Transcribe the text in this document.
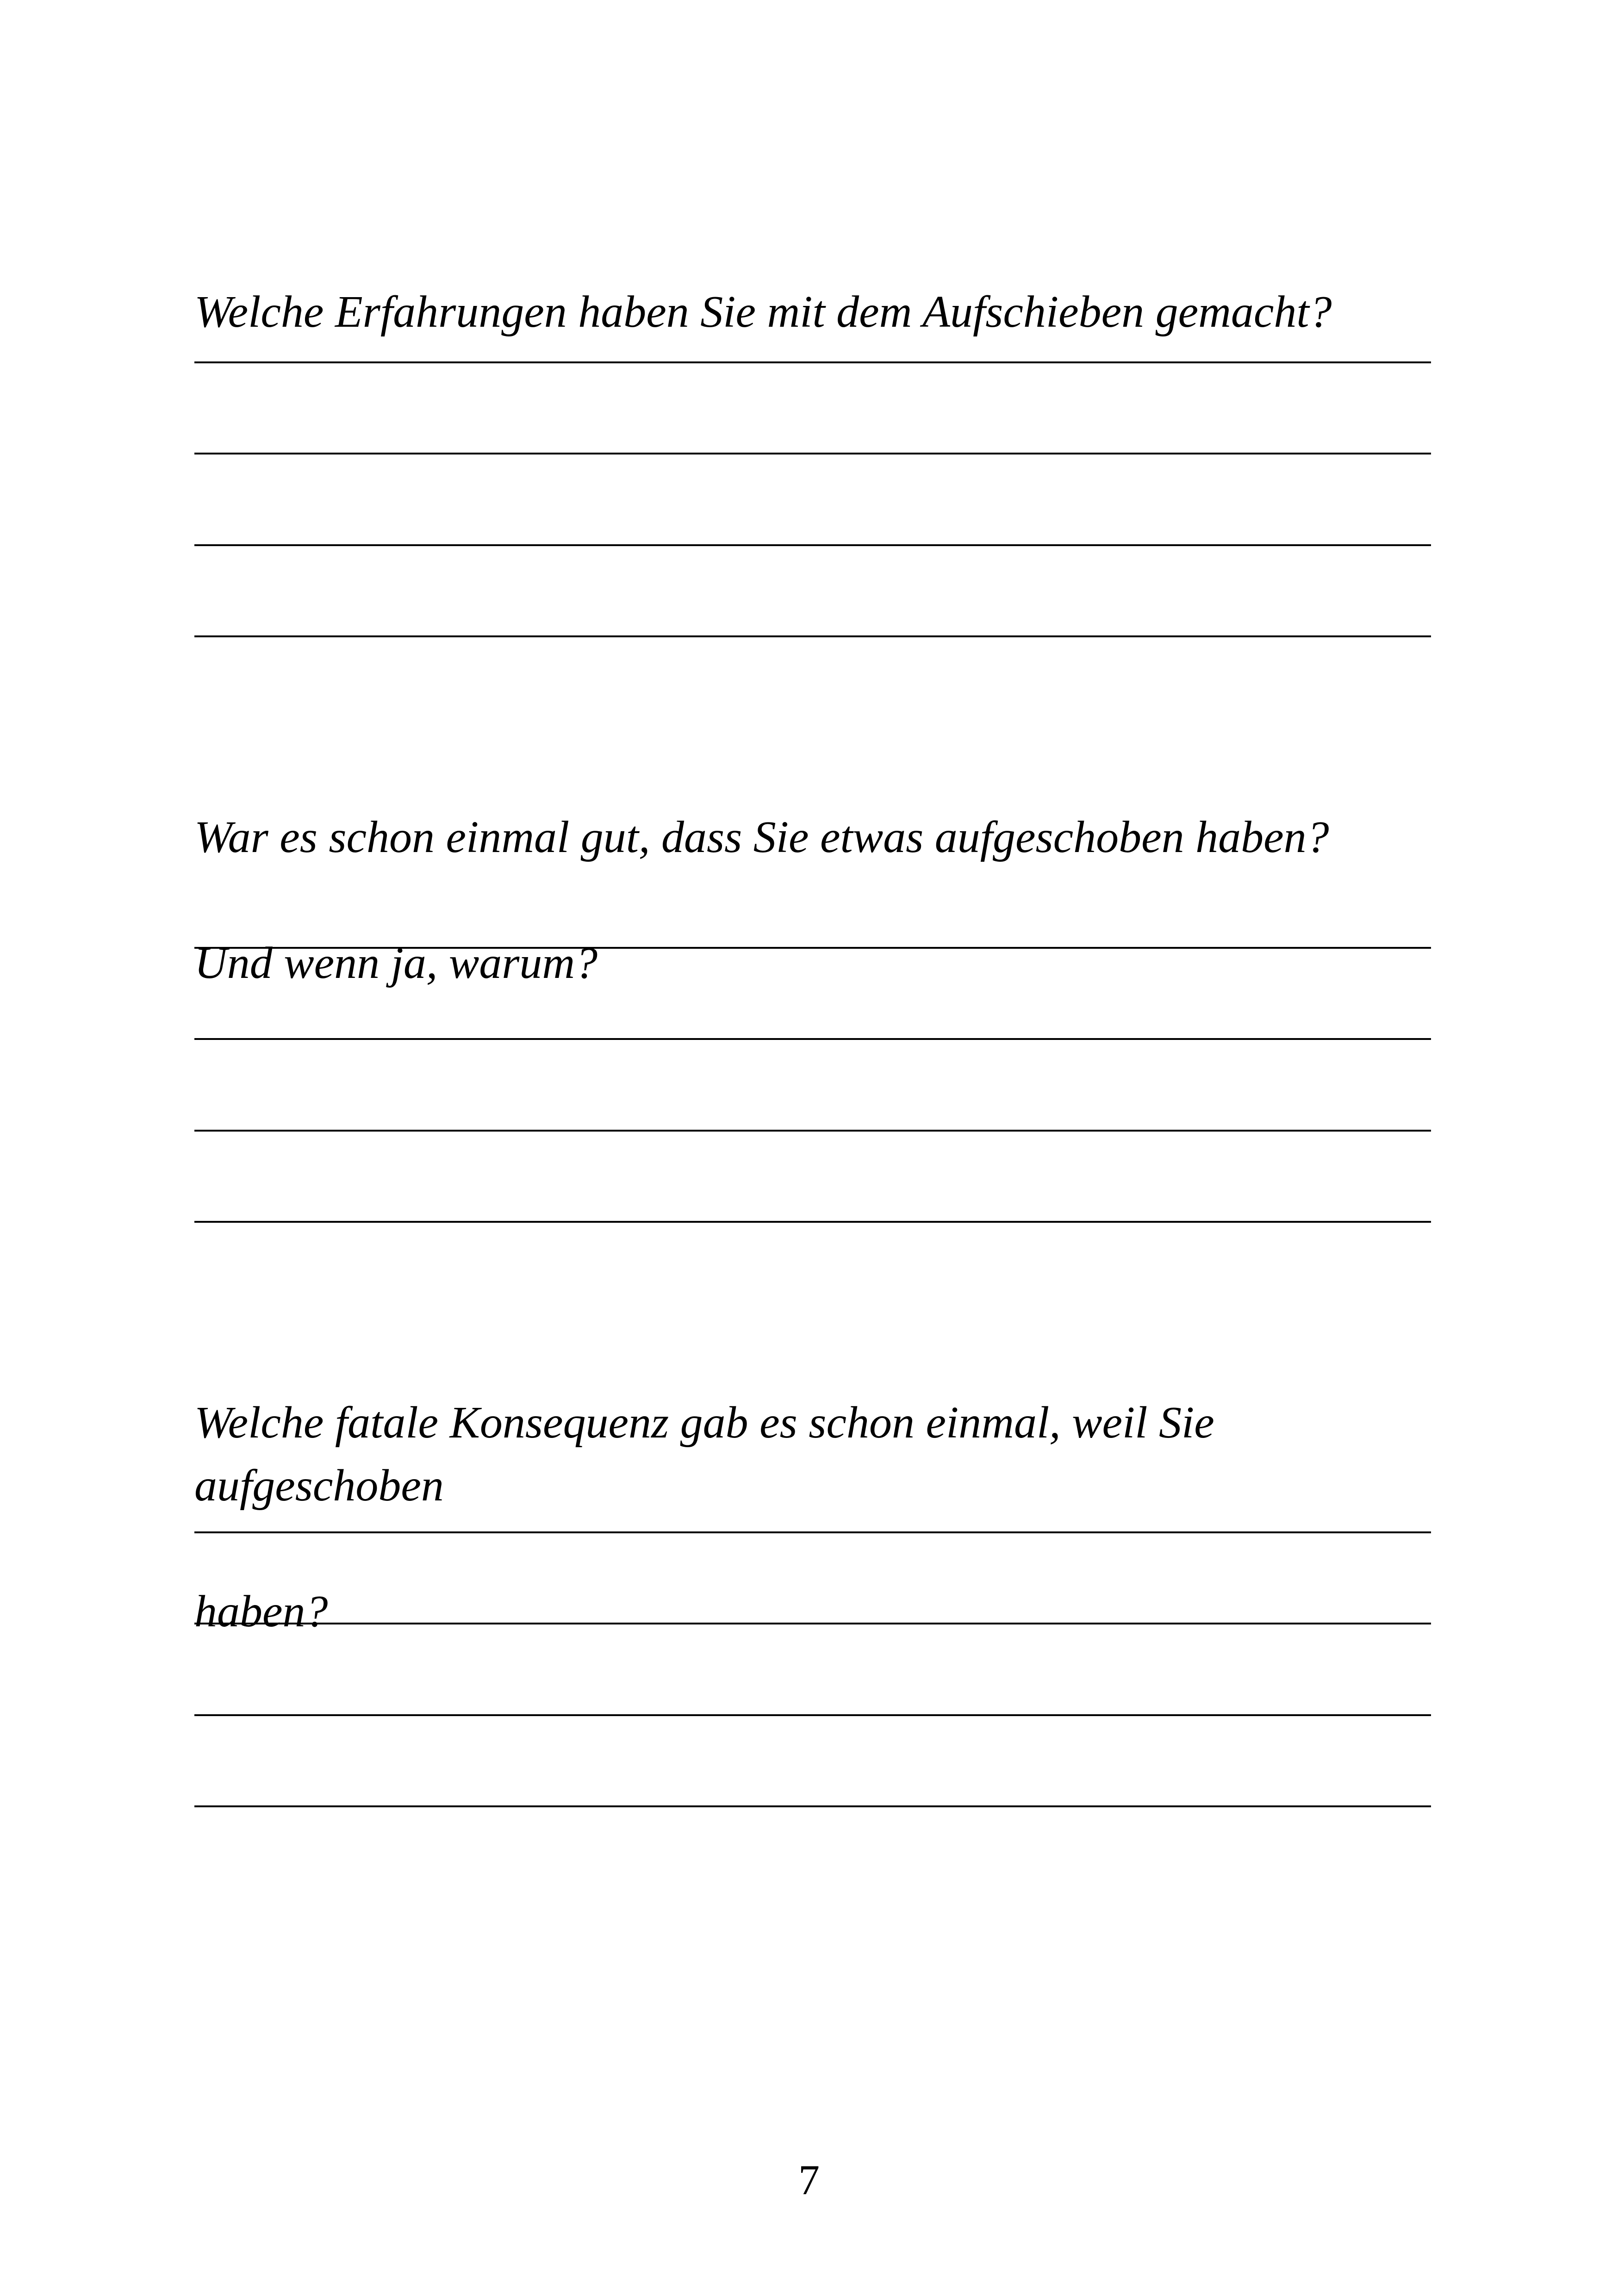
Welche Erfahrungen haben Sie mit dem Aufschieben gemacht?

War es schon einmal gut, dass Sie etwas aufgeschoben haben?

Und wenn ja, warum?

Welche fatale Konsequenz gab es schon einmal, weil Sie aufgeschoben

haben?

7
